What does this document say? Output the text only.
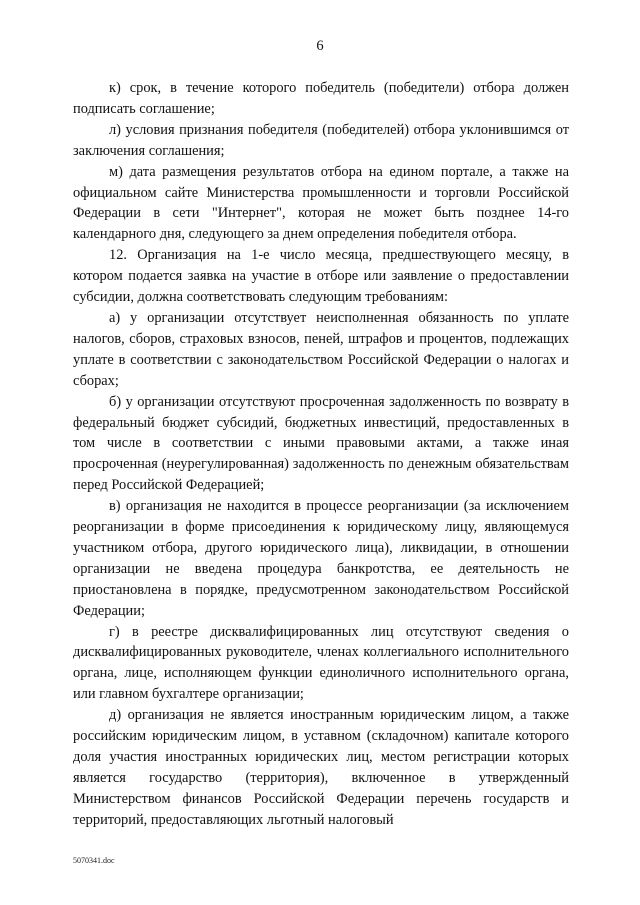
6

к) срок, в течение которого победитель (победители) отбора должен подписать соглашение;

л) условия признания победителя (победителей) отбора уклонившимся от заключения соглашения;

м) дата размещения результатов отбора на едином портале, а также на официальном сайте Министерства промышленности и торговли Российской Федерации в сети "Интернет", которая не может быть позднее 14-го календарного дня, следующего за днем определения победителя отбора.

12. Организация на 1-е число месяца, предшествующего месяцу, в котором подается заявка на участие в отборе или заявление о предоставлении субсидии, должна соответствовать следующим требованиям:

а) у организации отсутствует неисполненная обязанность по уплате налогов, сборов, страховых взносов, пеней, штрафов и процентов, подлежащих уплате в соответствии с законодательством Российской Федерации о налогах и сборах;

б) у организации отсутствуют просроченная задолженность по возврату в федеральный бюджет субсидий, бюджетных инвестиций, предоставленных в том числе в соответствии с иными правовыми актами, а также иная просроченная (неурегулированная) задолженность по денежным обязательствам перед Российской Федерацией;

в) организация не находится в процессе реорганизации (за исключением реорганизации в форме присоединения к юридическому лицу, являющемуся участником отбора, другого юридического лица), ликвидации, в отношении организации не введена процедура банкротства, ее деятельность не приостановлена в порядке, предусмотренном законодательством Российской Федерации;

г) в реестре дисквалифицированных лиц отсутствуют сведения о дисквалифицированных руководителе, членах коллегиального исполнительного органа, лице, исполняющем функции единоличного исполнительного органа, или главном бухгалтере организации;

д) организация не является иностранным юридическим лицом, а также российским юридическим лицом, в уставном (складочном) капитале которого доля участия иностранных юридических лиц, местом регистрации которых является государство (территория), включенное в утвержденный Министерством финансов Российской Федерации перечень государств и территорий, предоставляющих льготный налоговый

5070341.doc
